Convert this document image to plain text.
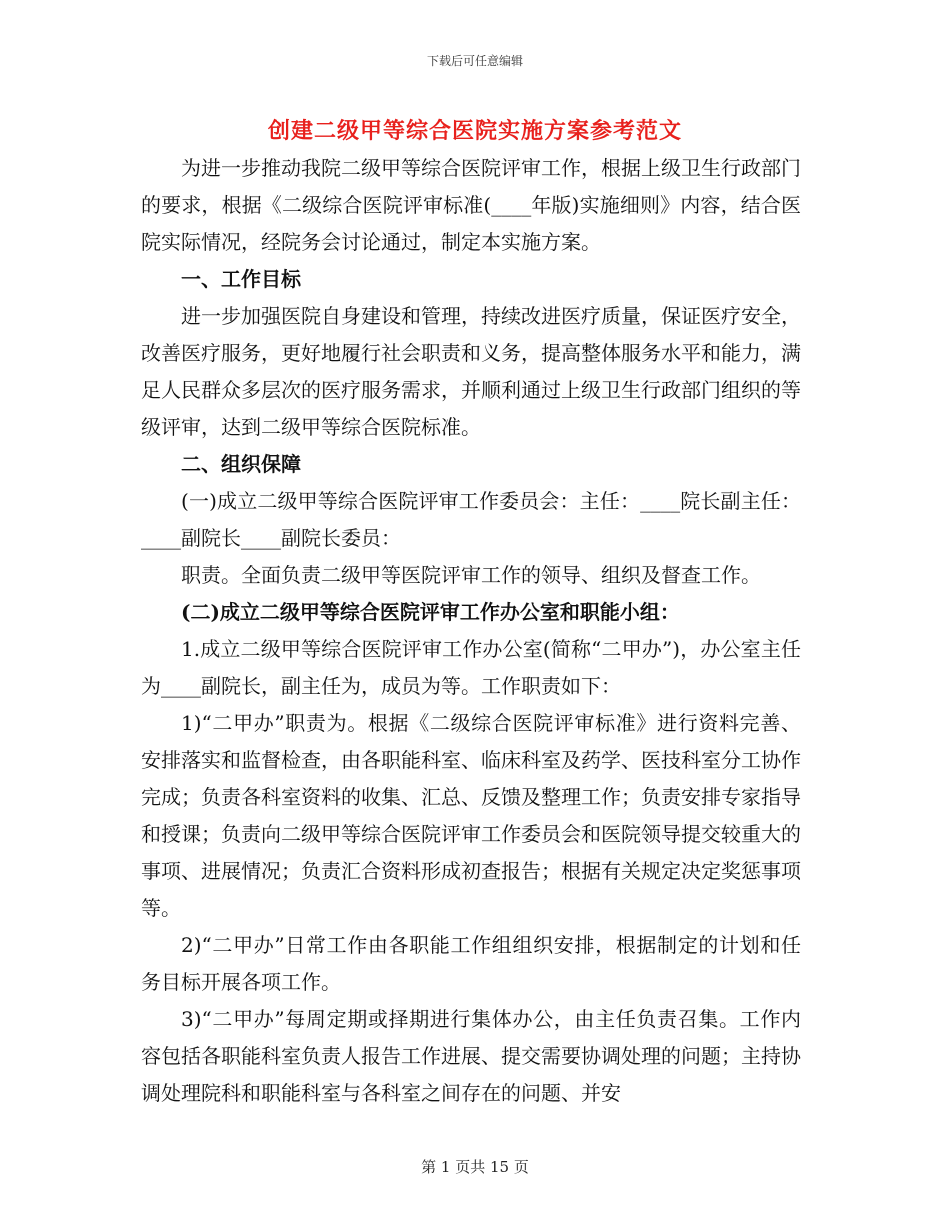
下载后可任意编辑
创建二级甲等综合医院实施方案参考范文

为进一步推动我院二级甲等综合医院评审工作，根据上级卫生行政部门的要求，根据《二级综合医院评审标准(____年版)实施细则》内容，结合医院实际情况，经院务会讨论通过，制定本实施方案。

一、工作目标

进一步加强医院自身建设和管理，持续改进医疗质量，保证医疗安全，改善医疗服务，更好地履行社会职责和义务，提高整体服务水平和能力，满足人民群众多层次的医疗服务需求，并顺利通过上级卫生行政部门组织的等级评审，达到二级甲等综合医院标准。

二、组织保障

(一)成立二级甲等综合医院评审工作委员会：主任：____院长副主任：____副院长____副院长委员：

职责。全面负责二级甲等医院评审工作的领导、组织及督查工作。

(二)成立二级甲等综合医院评审工作办公室和职能小组：

1.成立二级甲等综合医院评审工作办公室(简称“二甲办”)，办公室主任为____副院长，副主任为，成员为等。工作职责如下：

1)“二甲办”职责为。根据《二级综合医院评审标准》进行资料完善、安排落实和监督检查，由各职能科室、临床科室及药学、医技科室分工协作完成；负责各科室资料的收集、汇总、反馈及整理工作；负责安排专家指导和授课；负责向二级甲等综合医院评审工作委员会和医院领导提交较重大的事项、进展情况；负责汇合资料形成初查报告；根据有关规定决定奖惩事项等。

2)“二甲办”日常工作由各职能工作组组织安排，根据制定的计划和任务目标开展各项工作。

3)“二甲办”每周定期或择期进行集体办公，由主任负责召集。工作内容包括各职能科室负责人报告工作进展、提交需要协调处理的问题；主持协调处理院科和职能科室与各科室之间存在的问题、并安

第 1 页共 15 页
